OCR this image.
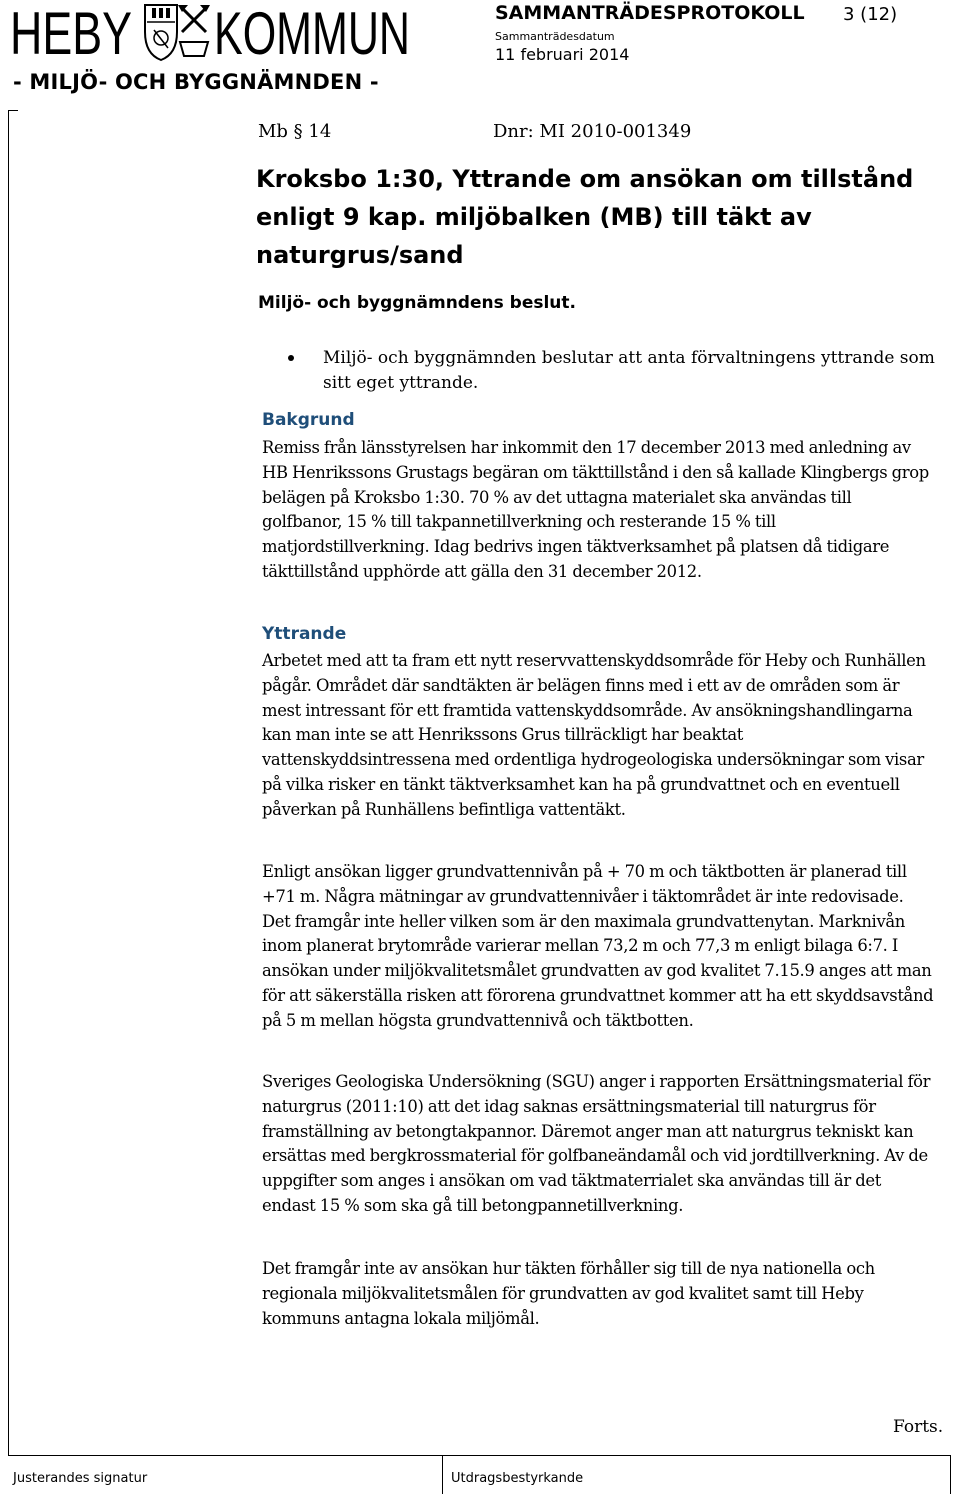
HEBY KOMMUN
- MILJÖ- OCH BYGGNÄMNDEN -
SAMMANTRÄDESPROTOKOLL 3 (12)
Sammanträdesdatum
11 februari 2014
Mb § 14	Dnr: MI 2010-001349
Kroksbo 1:30, Yttrande om ansökan om tillstånd enligt 9 kap. miljöbalken (MB) till täkt av naturgrus/sand
Miljö- och byggnämndens beslut.
Miljö- och byggnämnden beslutar att anta förvaltningens yttrande som sitt eget yttrande.
Bakgrund
Remiss från länsstyrelsen har inkommit den 17 december 2013 med anledning av HB Henrikssons Grustags begäran om täkttillstånd i den så kallade Klingbergs grop belägen på Kroksbo 1:30. 70 % av det uttagna materialet ska användas till golfbanor, 15 % till takpannetillverkning och resterande 15 % till matjordstillverkning. Idag bedrivs ingen täktverksamhet på platsen då tidigare täkttillstånd upphörde att gälla den 31 december 2012.
Yttrande
Arbetet med att ta fram ett nytt reservvattenskyddsområde för Heby och Runhällen pågår. Området där sandtäkten är belägen finns med i ett av de områden som är mest intressant för ett framtida vattenskyddsområde. Av ansökningshandlingarna kan man inte se att Henrikssons Grus tillräckligt har beaktat vattenskyddsintressena med ordentliga hydrogeologiska undersökningar som visar på vilka risker en tänkt täktverksamhet kan ha på grundvattnet och en eventuell påverkan på Runhällens befintliga vattentäkt.
Enligt ansökan ligger grundvattennivån på + 70 m och täktbotten är planerad till +71 m. Några mätningar av grundvattennivåer i täktområdet är inte redovisade. Det framgår inte heller vilken som är den maximala grundvattenytan. Marknivån inom planerat brytområde varierar mellan 73,2 m och 77,3 m enligt bilaga 6:7. I ansökan under miljökvalitetsmålet grundvatten av god kvalitet 7.15.9 anges att man för att säkerställa risken att förorena grundvattnet kommer att ha ett skyddsavstånd på 5 m mellan högsta grundvattennivå och täktbotten.
Sveriges Geologiska Undersökning (SGU) anger i rapporten Ersättningsmaterial för naturgrus (2011:10) att det idag saknas ersättningsmaterial till naturgrus för framställning av betongtakpannor. Däremot anger man att naturgrus tekniskt kan ersättas med bergkrossmaterial för golfbaneändamål och vid jordtillverkning. Av de uppgifter som anges i ansökan om vad täktmaterrialet ska användas till är det endast 15 % som ska gå till betongpannetillverkning.
Det framgår inte av ansökan hur täkten förhåller sig till de nya nationella och regionala miljökvalitetsmålen för grundvatten av god kvalitet samt till Heby kommuns antagna lokala miljömål.
Forts.
Justerandes signatur	Utdragsbestyrkande
